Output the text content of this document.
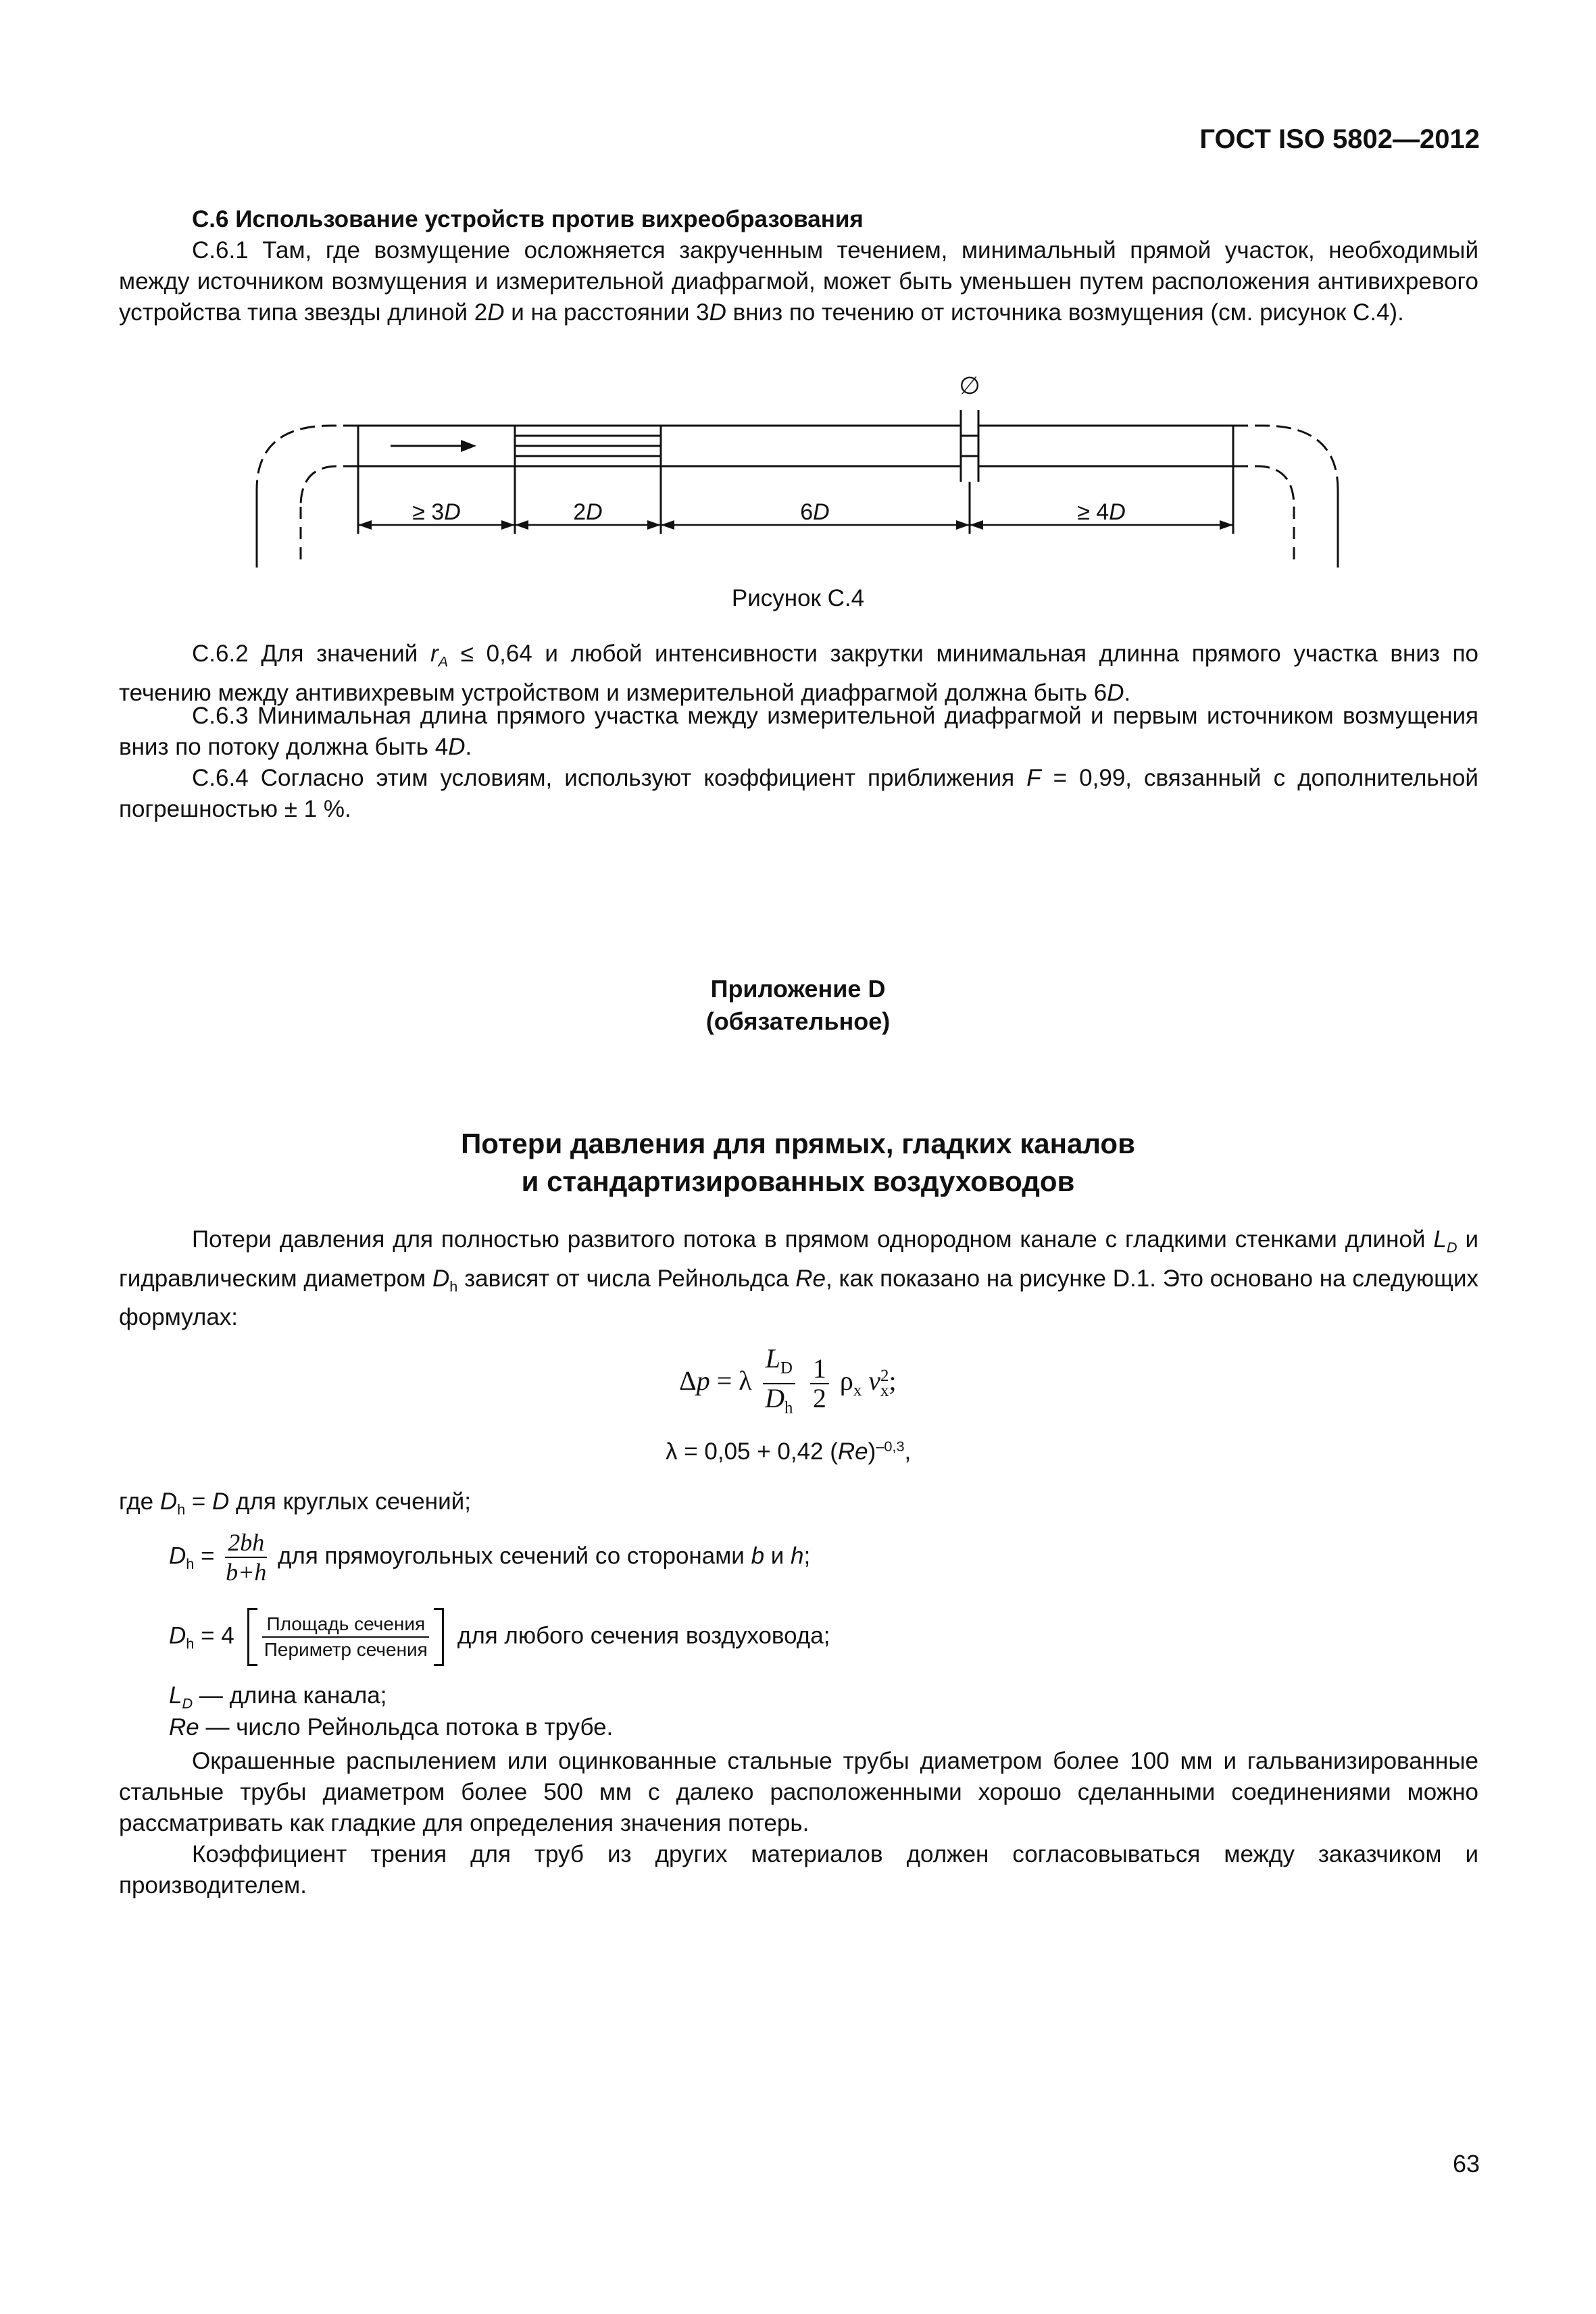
ГОСТ ISO 5802—2012

С.6 Использование устройств против вихреобразования

С.6.1 Там, где возмущение осложняется закрученным течением, минимальный прямой участок, необходимый между источником возмущения и измерительной диафрагмой, может быть уменьшен путем расположения антивихревого устройства типа звезды длиной 2D и на расстоянии 3D вниз по течению от источника возмущения (см. рисунок С.4).

∅
≥ 3D	2D	6D	≥ 4D
Рисунок С.4

С.6.2 Для значений $r_A \le 0,64$ и любой интенсивности закрутки минимальная длинна прямого участка вниз по течению между антивихревым устройством и измерительной диафрагмой должна быть 6D.

С.6.3 Минимальная длина прямого участка между измерительной диафрагмой и первым источником возмущения вниз по потоку должна быть 4D.

С.6.4 Согласно этим условиям, используют коэффициент приближения F = 0,99, связанный с дополнительной погрешностью ± 1 %.

Приложение D
(обязательное)
Потери давления для прямых, гладких каналов
и стандартизированных воздуховодов

Потери давления для полностью развитого потока в прямом однородном канале с гладкими стенками длиной $L_D$ и гидравлическим диаметром $D_h$ зависят от числа Рейнольдса Re, как показано на рисунке D.1. Это основано на следующих формулах:

Δp = λ $\frac{L_D}{D_h}$
$\frac{1}{2} \rho_x$ v 2
x ;
λ = 0,05 + 0,42 $(Re)^{-0,3}$,
где $D_h = D$ для круглых сечений;
$D_h = \frac{2bh}{b+h}$ для прямоугольных сечений со сторонами b и h;
$D_h = 4 \frac{\text{Площадь сечения}}{\text{Периметр сечения}}$ для любого сечения воздуховода;
$L_D$ — длина канала;
Re — число Рейнольдса потока в трубе.

Окрашенные распылением или оцинкованные стальные трубы диаметром более 100 мм и гальванизированные стальные трубы диаметром более 500 мм с далеко расположенными хорошо сделанными соединениями можно рассматривать как гладкие для определения значения потерь.

Коэффициент трения для труб из других материалов должен согласовываться между заказчиком и производителем.

63
